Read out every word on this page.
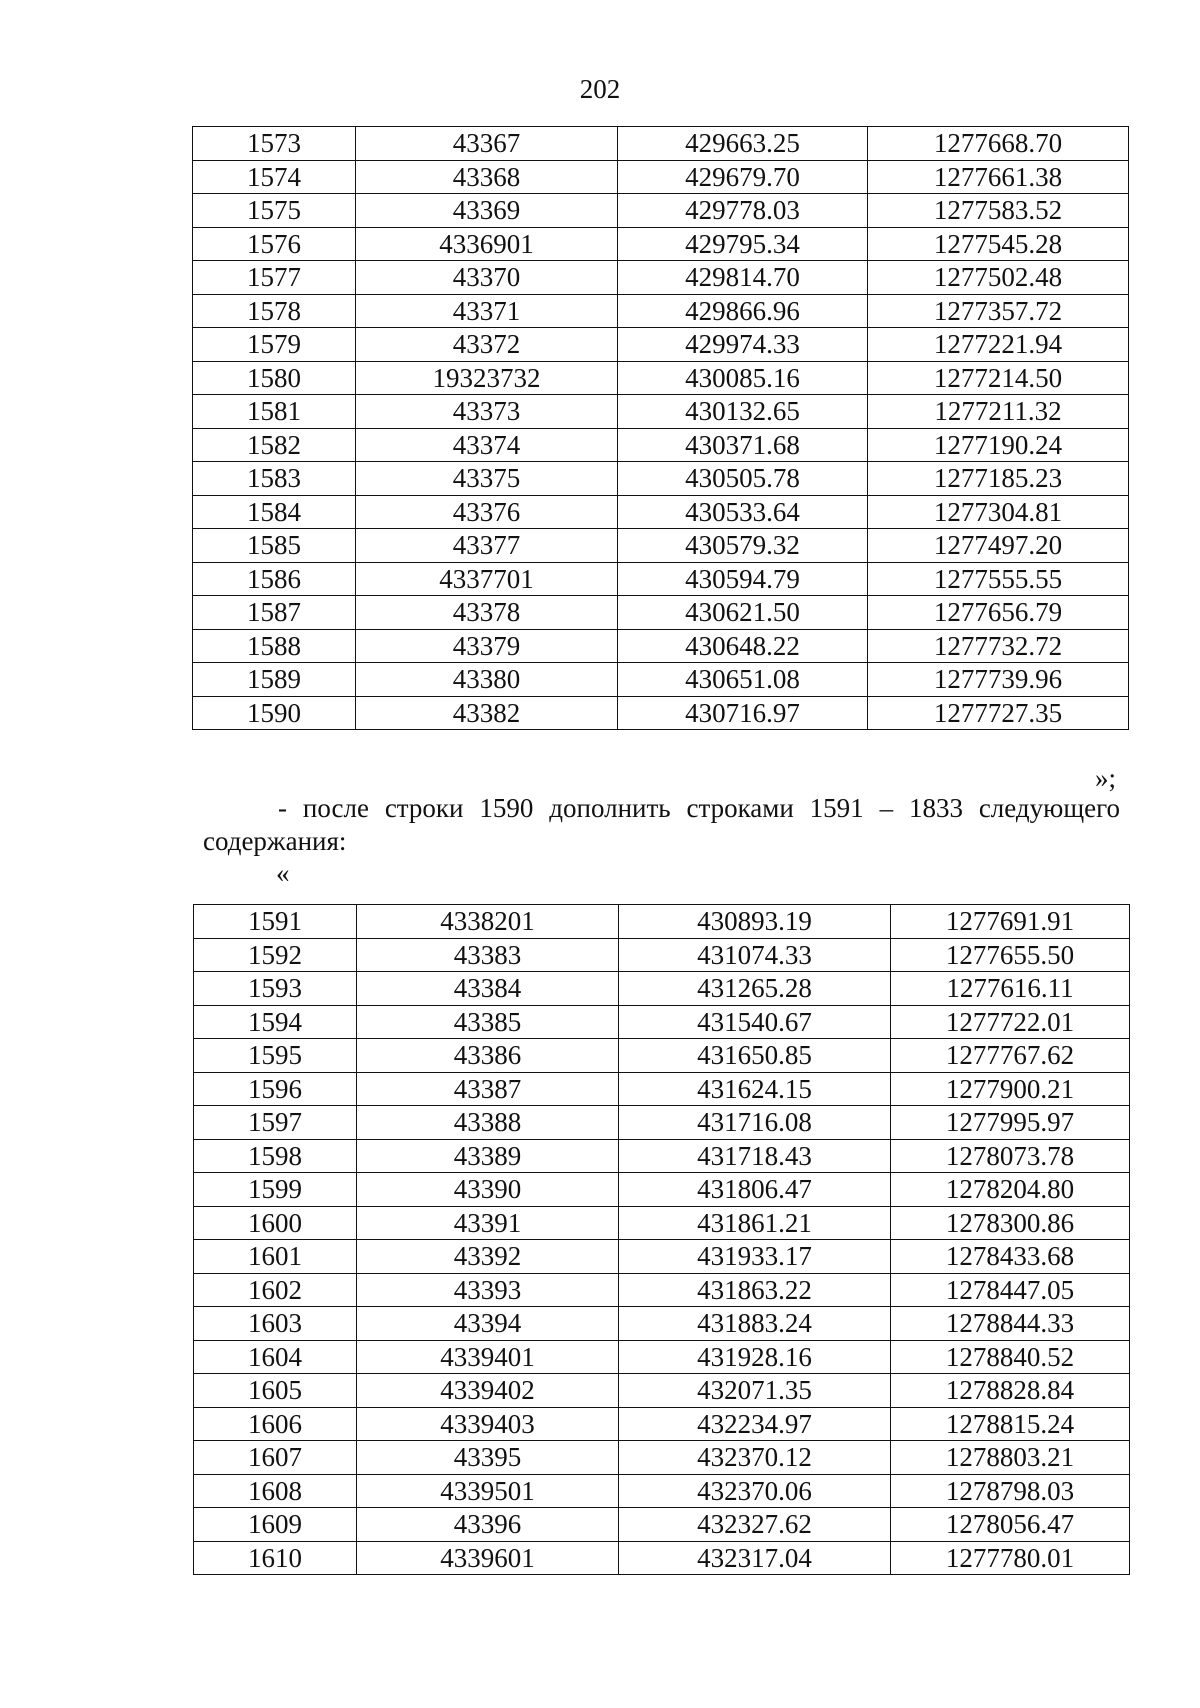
202
1573	43367	429663.25	1277668.70
1574	43368	429679.70	1277661.38
1575	43369	429778.03	1277583.52
1576	4336901	429795.34	1277545.28
1577	43370	429814.70	1277502.48
1578	43371	429866.96	1277357.72
1579	43372	429974.33	1277221.94
1580	19323732	430085.16	1277214.50
1581	43373	430132.65	1277211.32
1582	43374	430371.68	1277190.24
1583	43375	430505.78	1277185.23
1584	43376	430533.64	1277304.81
1585	43377	430579.32	1277497.20
1586	4337701	430594.79	1277555.55
1587	43378	430621.50	1277656.79
1588	43379	430648.22	1277732.72
1589	43380	430651.08	1277739.96
1590	43382	430716.97	1277727.35
»;

- после строки 1590 дополнить строками 1591 – 1833 следующего содержания:

«
1591	4338201	430893.19	1277691.91
1592	43383	431074.33	1277655.50
1593	43384	431265.28	1277616.11
1594	43385	431540.67	1277722.01
1595	43386	431650.85	1277767.62
1596	43387	431624.15	1277900.21
1597	43388	431716.08	1277995.97
1598	43389	431718.43	1278073.78
1599	43390	431806.47	1278204.80
1600	43391	431861.21	1278300.86
1601	43392	431933.17	1278433.68
1602	43393	431863.22	1278447.05
1603	43394	431883.24	1278844.33
1604	4339401	431928.16	1278840.52
1605	4339402	432071.35	1278828.84
1606	4339403	432234.97	1278815.24
1607	43395	432370.12	1278803.21
1608	4339501	432370.06	1278798.03
1609	43396	432327.62	1278056.47
1610	4339601	432317.04	1277780.01
